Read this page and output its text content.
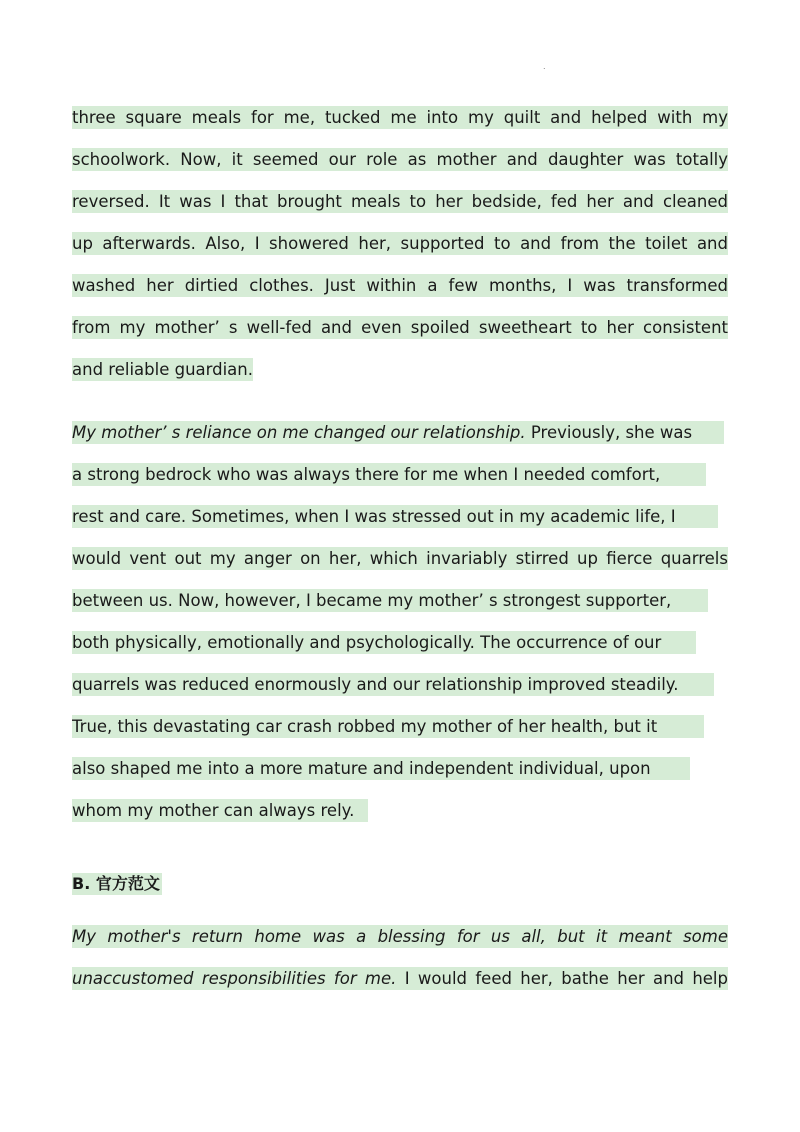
.
three square meals for me, tucked me into my quilt and helped with my
schoolwork. Now, it seemed our role as mother and daughter was totally
reversed. It was I that brought meals to her bedside, fed her and cleaned
up afterwards. Also, I showered her, supported to and from the toilet and
washed her dirtied clothes. Just within a few months, I was transformed
from my mother’ s well-fed and even spoiled sweetheart to her consistent
and reliable guardian.
My mother’ s reliance on me changed our relationship. Previously, she was
a strong bedrock who was always there for me when I needed comfort,
rest and care. Sometimes, when I was stressed out in my academic life, I
would vent out my anger on her, which invariably stirred up fierce quarrels
between us. Now, however, I became my mother’ s strongest supporter,
both physically, emotionally and psychologically. The occurrence of our
quarrels was reduced enormously and our relationship improved steadily.
True, this devastating car crash robbed my mother of her health, but it
also shaped me into a more mature and independent individual, upon
whom my mother can always rely.
B. 官方范文
My mother's return home was a blessing for us all, but it meant some
unaccustomed responsibilities for me. I would feed her, bathe her and help
